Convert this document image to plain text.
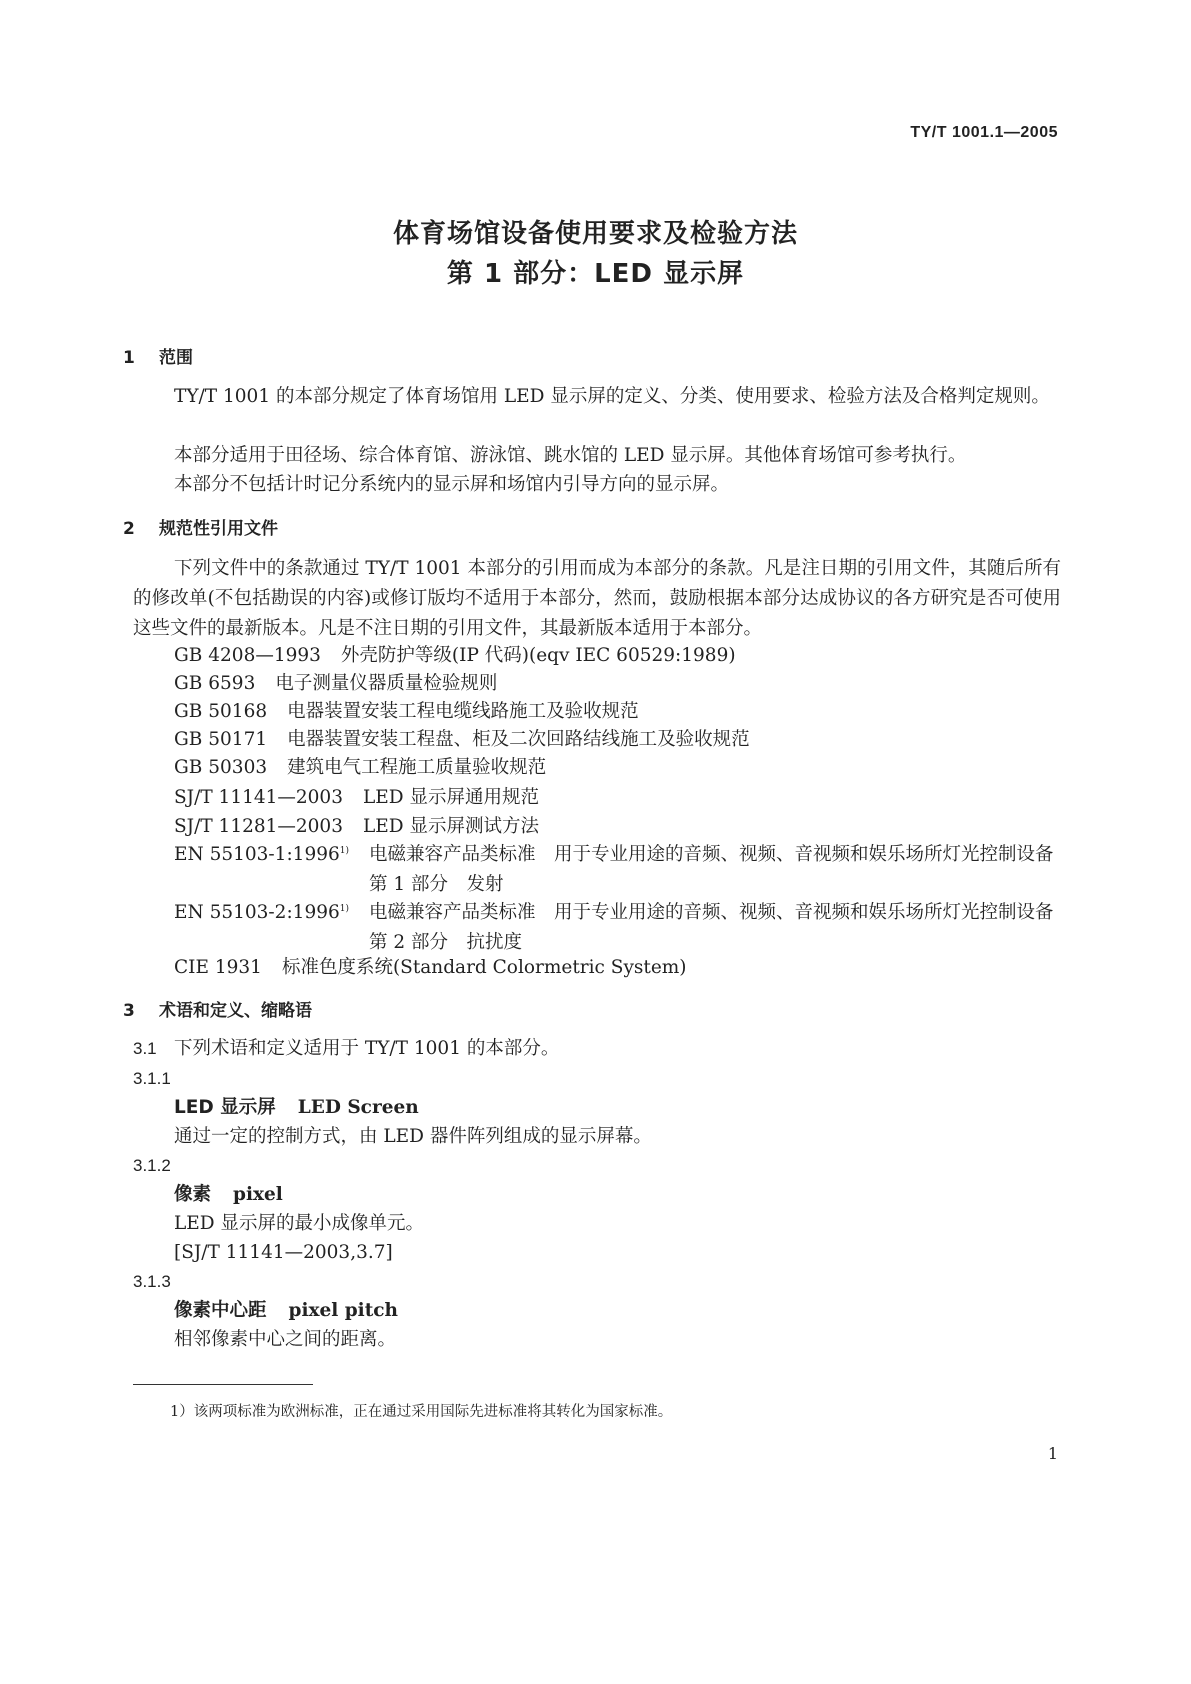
TY/T 1001.1—2005
体育场馆设备使用要求及检验方法
第 1 部分：LED 显示屏
1 范围
TY/T 1001 的本部分规定了体育场馆用 LED 显示屏的定义、分类、使用要求、检验方法及合格判定规则。
本部分适用于田径场、综合体育馆、游泳馆、跳水馆的 LED 显示屏。其他体育场馆可参考执行。
本部分不包括计时记分系统内的显示屏和场馆内引导方向的显示屏。
2 规范性引用文件
下列文件中的条款通过 TY/T 1001 本部分的引用而成为本部分的条款。凡是注日期的引用文件，其随后所有的修改单(不包括勘误的内容)或修订版均不适用于本部分，然而，鼓励根据本部分达成协议的各方研究是否可使用这些文件的最新版本。凡是不注日期的引用文件，其最新版本适用于本部分。
GB 4208—1993 外壳防护等级(IP 代码)(eqv IEC 60529:1989)
GB 6593 电子测量仪器质量检验规则
GB 50168 电器装置安装工程电缆线路施工及验收规范
GB 50171 电器装置安装工程盘、柜及二次回路结线施工及验收规范
GB 50303 建筑电气工程施工质量验收规范
SJ/T 11141—2003 LED 显示屏通用规范
SJ/T 11281—2003 LED 显示屏测试方法
EN 55103-1:1996$^{1)}$ 电磁兼容产品类标准　用于专业用途的音频、视频、音视频和娱乐场所灯光控制设备　第 1 部分　发射
EN 55103-2:1996$^{1)}$ 电磁兼容产品类标准　用于专业用途的音频、视频、音视频和娱乐场所灯光控制设备　第 2 部分　抗扰度
CIE 1931 标准色度系统(Standard Colormetric System)
3 术语和定义、缩略语
3.1 下列术语和定义适用于 TY/T 1001 的本部分。
3.1.1
LED 显示屏 LED Screen
通过一定的控制方式，由 LED 器件阵列组成的显示屏幕。
3.1.2
像素 pixel
LED 显示屏的最小成像单元。
[SJ/T 11141—2003,3.7]
3.1.3
像素中心距 pixel pitch
相邻像素中心之间的距离。
1）该两项标准为欧洲标准，正在通过采用国际先进标准将其转化为国家标准。
1
